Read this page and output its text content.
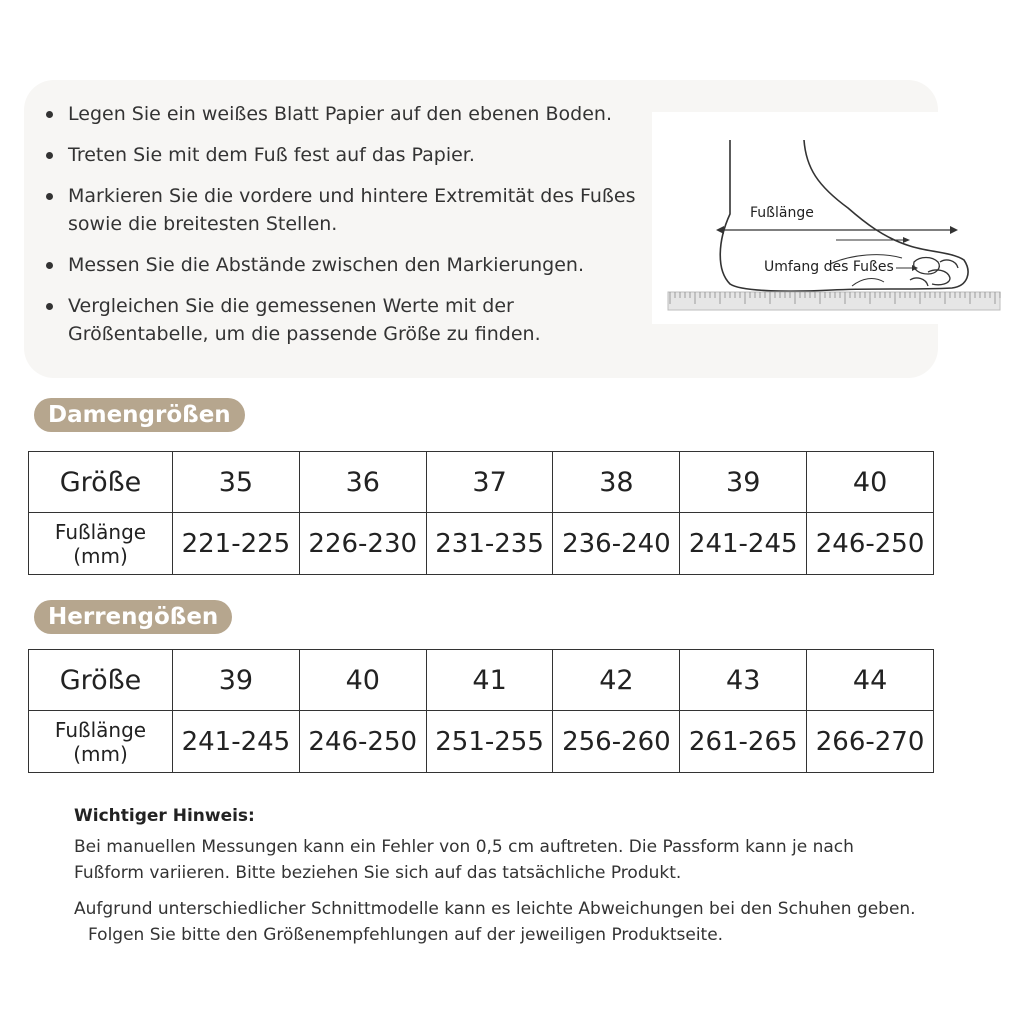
Legen Sie ein weißes Blatt Papier auf den ebenen Boden.
Treten Sie mit dem Fuß fest auf das Papier.
Markieren Sie die vordere und hintere Extremität des Fußes sowie die breitesten Stellen.
Messen Sie die Abstände zwischen den Markierungen.
Vergleichen Sie die gemessenen Werte mit der Größentabelle, um die passende Größe zu finden.
Fußlänge
Umfang des Fußes
Damengrößen
Größe	35	36	37	38	39	40

Fußlänge
(mm)	221-225	226-230	231-235	236-240	241-245	246-250
Herrengößen
Größe	39	40	41	42	43	44

Fußlänge
(mm)	241-245	246-250	251-255	256-260	261-265	266-270
Wichtiger Hinweis:

Bei manuellen Messungen kann ein Fehler von 0,5 cm auftreten. Die Passform kann je nach
Fußform variieren. Bitte beziehen Sie sich auf das tatsächliche Produkt.

Aufgrund unterschiedlicher Schnittmodelle kann es leichte Abweichungen bei den Schuhen geben.
Folgen Sie bitte den Größenempfehlungen auf der jeweiligen Produktseite.
